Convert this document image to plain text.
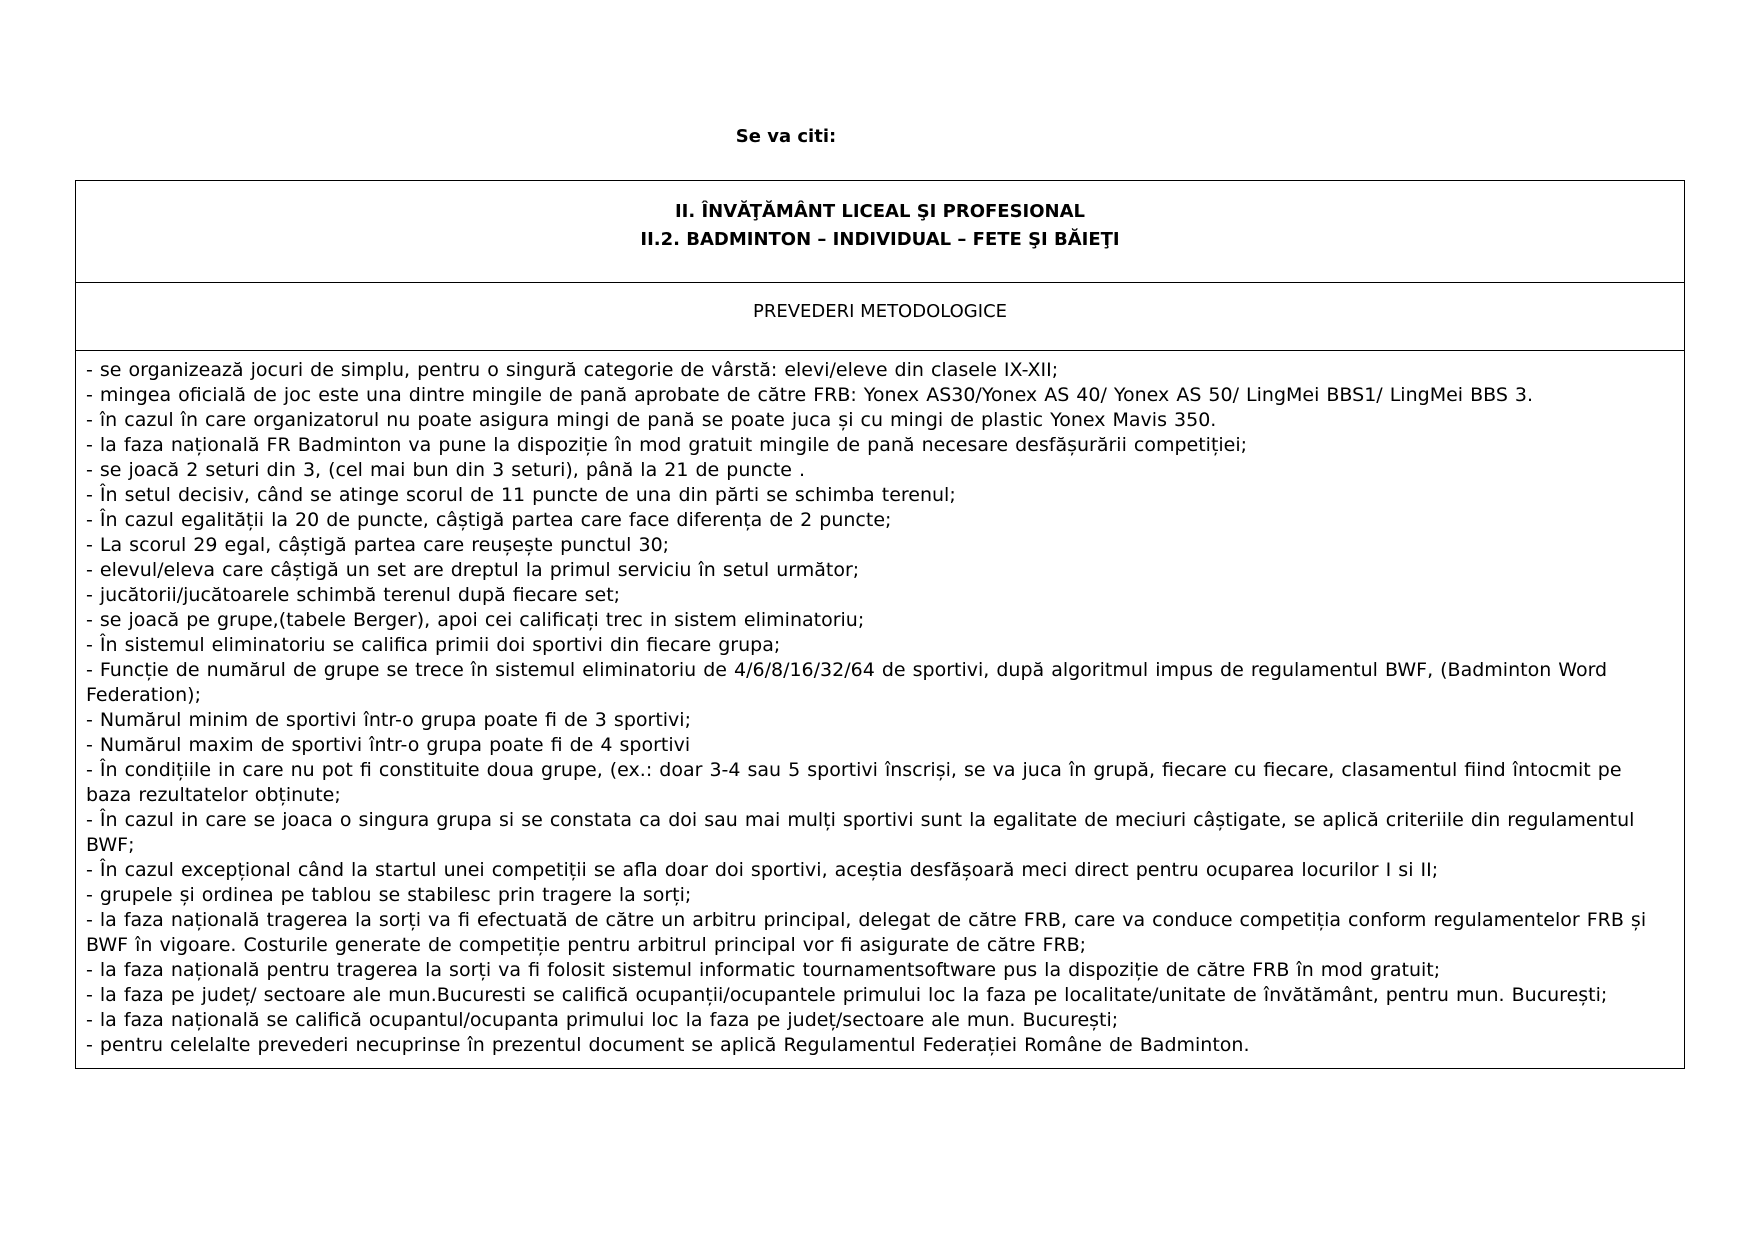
Se va citi:
II. ÎNVĂŢĂMÂNT LICEAL ŞI PROFESIONAL
II.2. BADMINTON – INDIVIDUAL – FETE ŞI BĂIEŢI
PREVEDERI METODOLOGICE

- se organizează jocuri de simplu, pentru o singură categorie de vârstă: elevi/eleve din clasele IX-XII;

- mingea oficială de joc este una dintre mingile de pană aprobate de către FRB: Yonex AS30/Yonex AS 40/ Yonex AS 50/ LingMei BBS1/ LingMei BBS 3.

- în cazul în care organizatorul nu poate asigura mingi de pană se poate juca și cu mingi de plastic Yonex Mavis 350.

- la faza națională FR Badminton va pune la dispoziție în mod gratuit mingile de pană necesare desfășurării competiției;

- se joacă 2 seturi din 3, (cel mai bun din 3 seturi), până la 21 de puncte .

- În setul decisiv, când se atinge scorul de 11 puncte de una din părti se schimba terenul;

- În cazul egalității la 20 de puncte, câștigă partea care face diferența de 2 puncte;

- La scorul 29 egal, câștigă partea care reușește punctul 30;

- elevul/eleva care câștigă un set are dreptul la primul serviciu în setul următor;

- jucătorii/jucătoarele schimbă terenul după fiecare set;

- se joacă pe grupe,(tabele Berger), apoi cei calificați trec in sistem eliminatoriu;

- În sistemul eliminatoriu se califica primii doi sportivi din fiecare grupa;

- Funcție de numărul de grupe se trece în sistemul eliminatoriu de 4/6/8/16/32/64 de sportivi, după algoritmul impus de regulamentul BWF, (Badminton Word Federation);

- Numărul minim de sportivi într-o grupa poate fi de 3 sportivi;

- Numărul maxim de sportivi într-o grupa poate fi de 4 sportivi

- În condițiile in care nu pot fi constituite doua grupe, (ex.: doar 3-4 sau 5 sportivi înscriși, se va juca în grupă, fiecare cu fiecare, clasamentul fiind întocmit pe baza rezultatelor obținute;

- În cazul in care se joaca o singura grupa si se constata ca doi sau mai mulți sportivi sunt la egalitate de meciuri câștigate, se aplică criteriile din regulamentul BWF;

- În cazul excepțional când la startul unei competiții se afla doar doi sportivi, aceștia desfășoară meci direct pentru ocuparea locurilor I si II;

- grupele și ordinea pe tablou se stabilesc prin tragere la sorți;

- la faza națională tragerea la sorți va fi efectuată de către un arbitru principal, delegat de către FRB, care va conduce competiția conform regulamentelor FRB și BWF în vigoare. Costurile generate de competiție pentru arbitrul principal vor fi asigurate de către FRB;

- la faza națională pentru tragerea la sorți va fi folosit sistemul informatic tournamentsoftware pus la dispoziție de către FRB în mod gratuit;

- la faza pe județ/ sectoare ale mun.Bucuresti se califică ocupanții/ocupantele primului loc la faza pe localitate/unitate de învătământ, pentru mun. București;

- la faza națională se califică ocupantul/ocupanta primului loc la faza pe județ/sectoare ale mun. București;

- pentru celelalte prevederi necuprinse în prezentul document se aplică Regulamentul Federației Române de Badminton.
